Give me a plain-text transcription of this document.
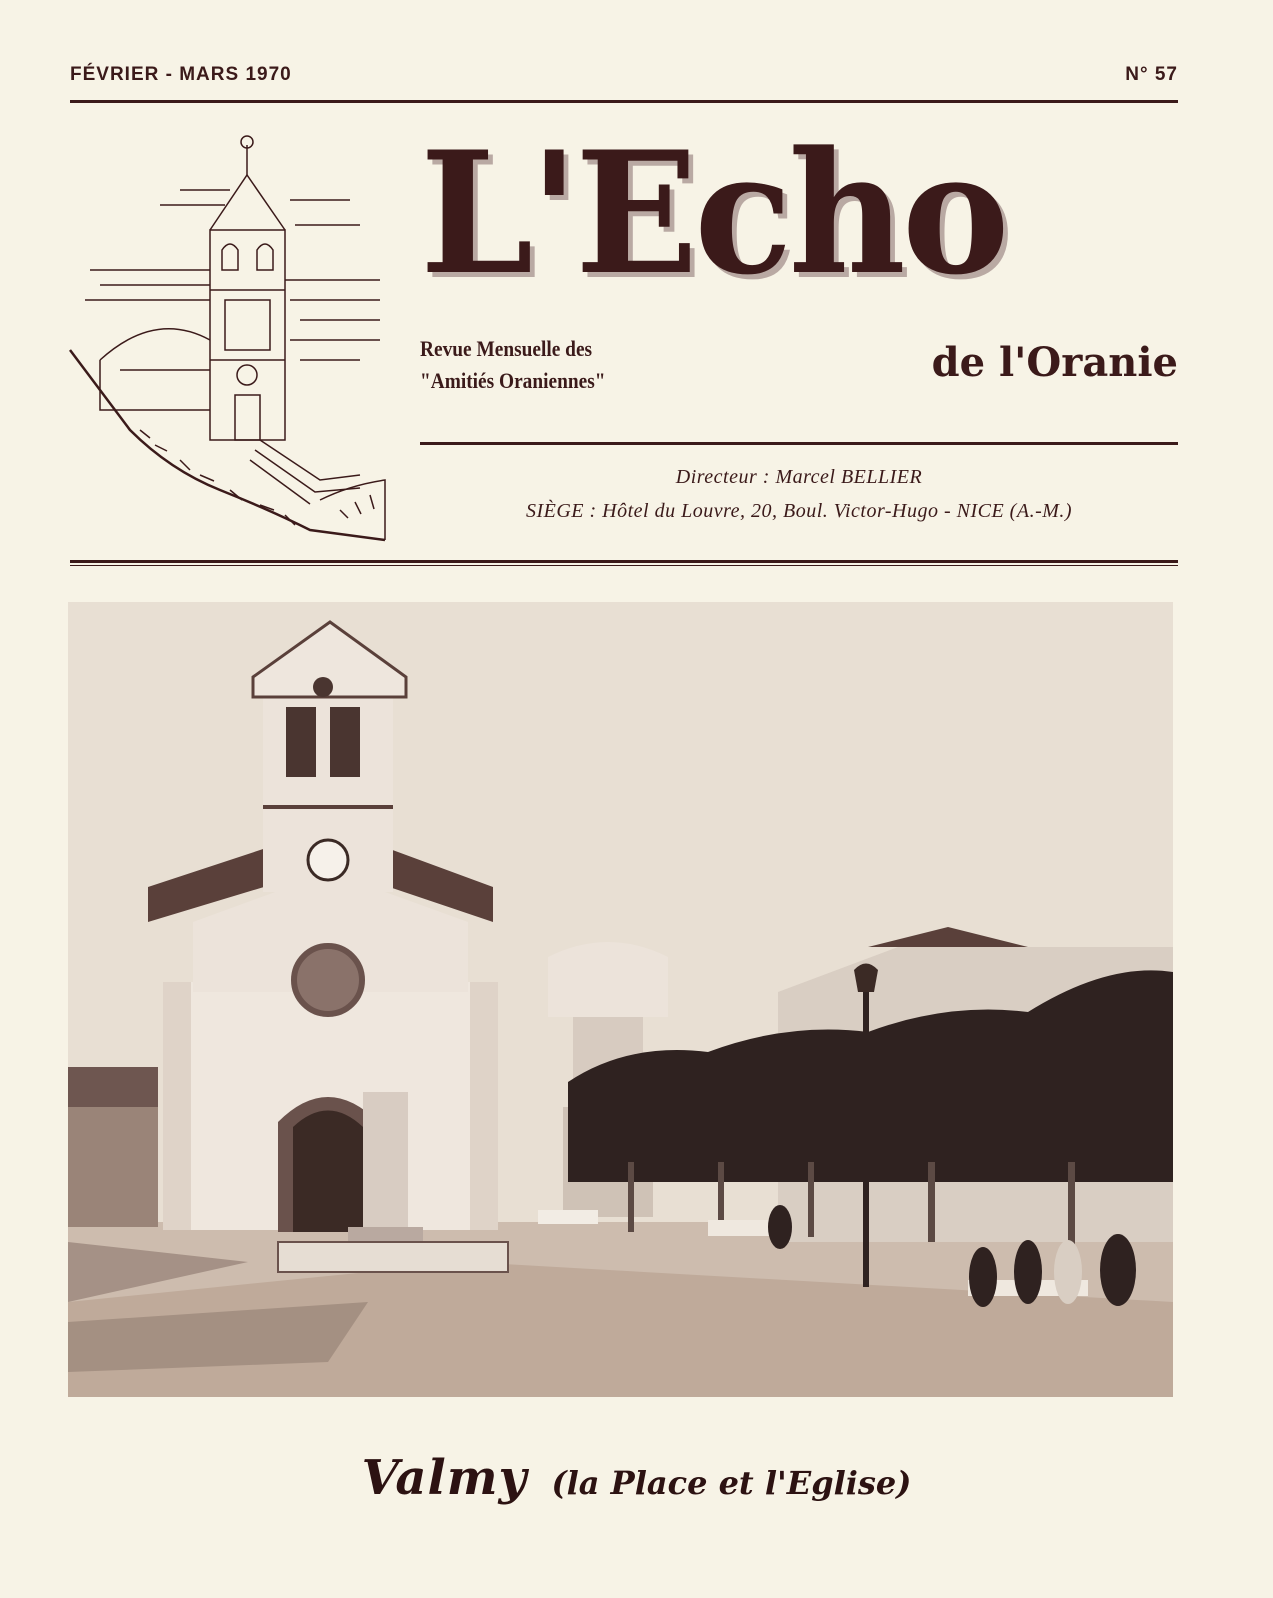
FÉVRIER - MARS 1970	N° 57
L'Echo
Revue Mensuelle des
"Amitiés Oraniennes"	de l'Oranie
Directeur : Marcel BELLIER
SIÈGE : Hôtel du Louvre, 20, Boul. Victor-Hugo - NICE (A.-M.)
Valmy (la Place et l'Eglise)
